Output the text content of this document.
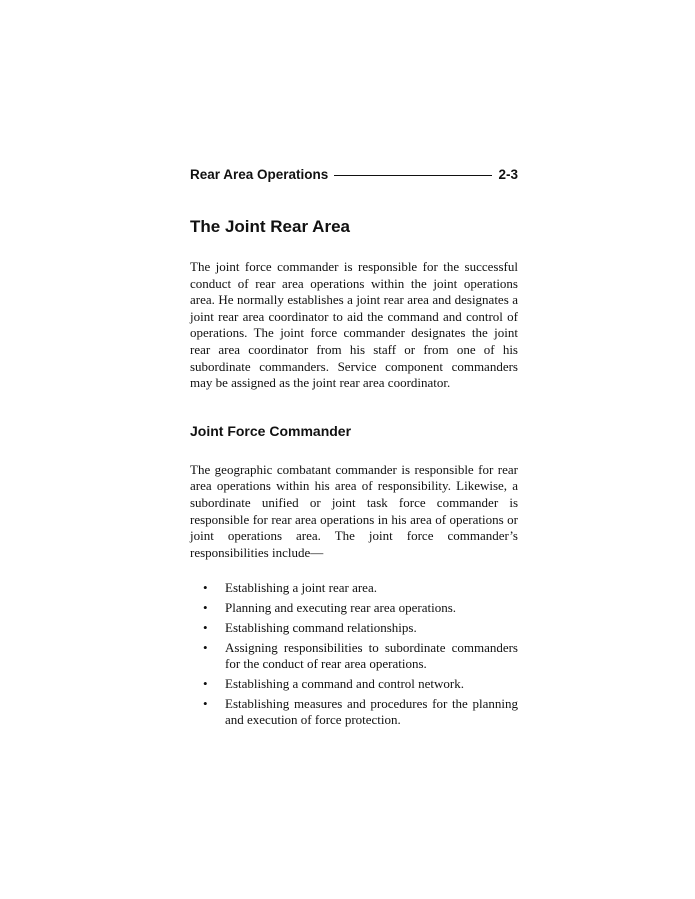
Rear Area Operations	2-3
The Joint Rear Area

The joint force commander is responsible for the successful conduct of rear area operations within the joint operations area. He normally establishes a joint rear area and designates a joint rear area coordinator to aid the command and control of operations. The joint force commander designates the joint rear area coordinator from his staff or from one of his subordinate commanders. Service component commanders may be assigned as the joint rear area coordinator.

Joint Force Commander

The geographic combatant commander is responsible for rear area operations within his area of responsibility. Likewise, a subordinate unified or joint task force commander is responsible for rear area operations in his area of operations or joint operations area. The joint force commander’s responsibilities include—

• Establishing a joint rear area.
• Planning and executing rear area operations.
• Establishing command relationships.
• Assigning responsibilities to subordinate commanders for the conduct of rear area operations.
• Establishing a command and control network.
• Establishing measures and procedures for the planning and execution of force protection.
